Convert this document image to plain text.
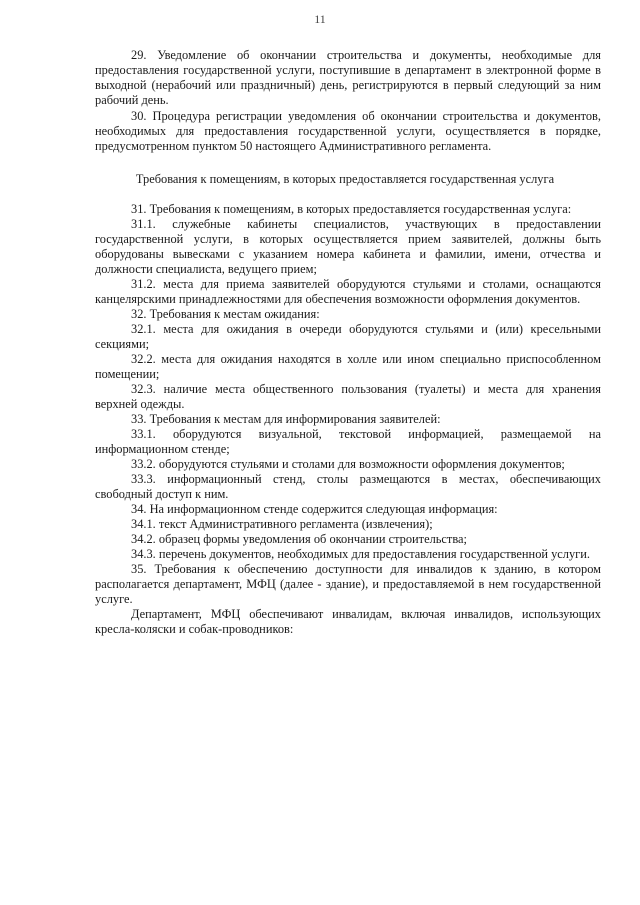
11

29. Уведомление об окончании строительства и документы, необходимые для предоставления государственной услуги, поступившие в департамент в электронной форме в выходной (нерабочий или праздничный) день, регистрируются в первый следующий за ним рабочий день.

30. Процедура регистрации уведомления об окончании строительства и документов, необходимых для предоставления государственной услуги, осуществляется в порядке, предусмотренном пунктом 50 настоящего Административного регламента.

Требования к помещениям, в которых предоставляется государственная услуга

31. Требования к помещениям, в которых предоставляется государственная услуга:

31.1. служебные кабинеты специалистов, участвующих в предоставлении государственной услуги, в которых осуществляется прием заявителей, должны быть оборудованы вывесками с указанием номера кабинета и фамилии, имени, отчества и должности специалиста, ведущего прием;

31.2. места для приема заявителей оборудуются стульями и столами, оснащаются канцелярскими принадлежностями для обеспечения возможности оформления документов.

32. Требования к местам ожидания:

32.1. места для ожидания в очереди оборудуются стульями и (или) кресельными секциями;

32.2. места для ожидания находятся в холле или ином специально приспособленном помещении;

32.3. наличие места общественного пользования (туалеты) и места для хранения верхней одежды.

33. Требования к местам для информирования заявителей:

33.1. оборудуются визуальной, текстовой информацией, размещаемой на информационном стенде;

33.2. оборудуются стульями и столами для возможности оформления документов;

33.3. информационный стенд, столы размещаются в местах, обеспечивающих свободный доступ к ним.

34. На информационном стенде содержится следующая информация:

34.1. текст Административного регламента (извлечения);

34.2. образец формы уведомления об окончании строительства;

34.3. перечень документов, необходимых для предоставления государственной услуги.

35. Требования к обеспечению доступности для инвалидов к зданию, в котором располагается департамент, МФЦ (далее - здание), и предоставляемой в нем государственной услуге.

Департамент, МФЦ обеспечивают инвалидам, включая инвалидов, использующих кресла-коляски и собак-проводников:
